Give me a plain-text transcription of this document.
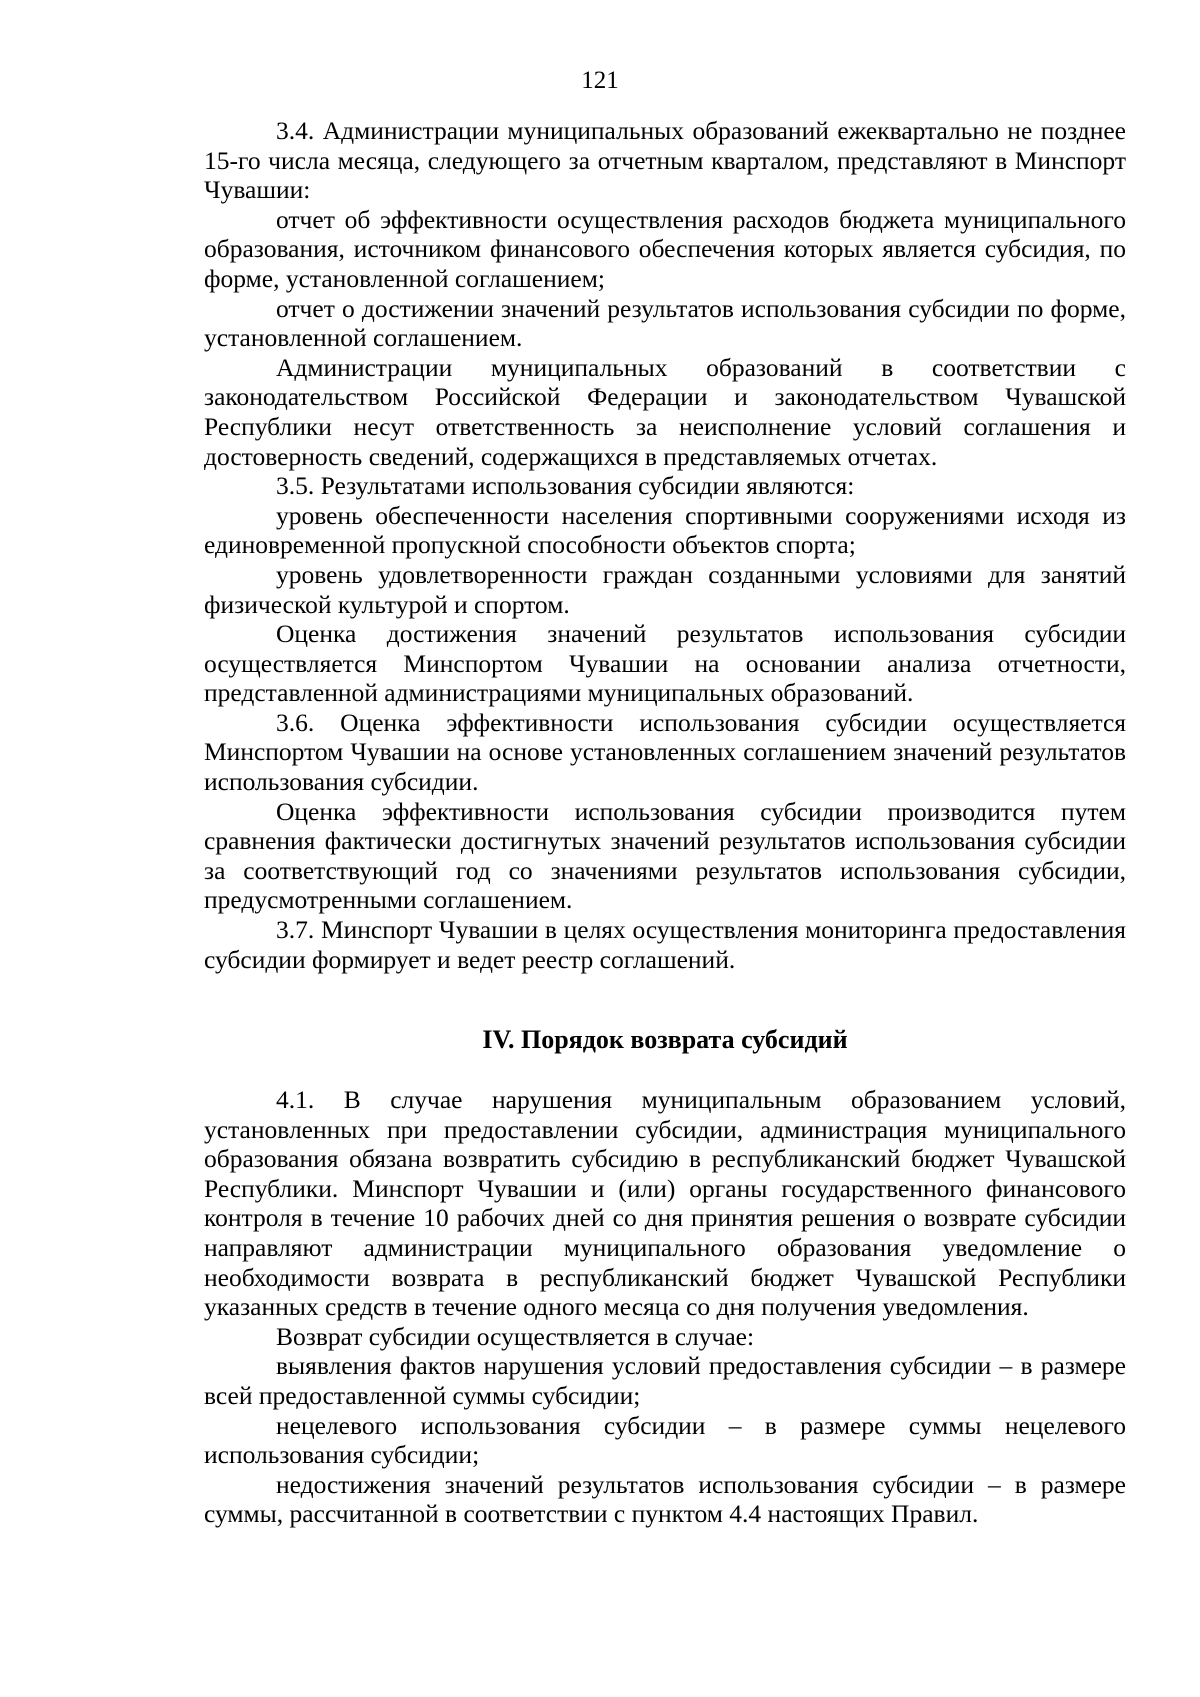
121

3.4. Администрации муниципальных образований ежеквартально не позднее 15-го числа месяца, следующего за отчетным кварталом, представляют в Минспорт Чувашии:

отчет об эффективности осуществления расходов бюджета муниципального образования, источником финансового обеспечения которых является субсидия, по форме, установленной соглашением;

отчет о достижении значений результатов использования субсидии по форме, установленной соглашением.

Администрации муниципальных образований в соответствии с законодательством Российской Федерации и законодательством Чувашской Республики несут ответственность за неисполнение условий соглашения и достоверность сведений, содержащихся в представляемых отчетах.

3.5. Результатами использования субсидии являются:

уровень обеспеченности населения спортивными сооружениями исходя из единовременной пропускной способности объектов спорта;

уровень удовлетворенности граждан созданными условиями для занятий физической культурой и спортом.

Оценка достижения значений результатов использования субсидии осуществляется Минспортом Чувашии на основании анализа отчетности, представленной администрациями муниципальных образований.

3.6. Оценка эффективности использования субсидии осуществляется Минспортом Чувашии на основе установленных соглашением значений результатов использования субсидии.

Оценка эффективности использования субсидии производится путем сравнения фактически достигнутых значений результатов использования субсидии за соответствующий год со значениями результатов использования субсидии, предусмотренными соглашением.

3.7. Минспорт Чувашии в целях осуществления мониторинга предоставления субсидии формирует и ведет реестр соглашений.

IV. Порядок возврата субсидий

4.1. В случае нарушения муниципальным образованием условий, установленных при предоставлении субсидии, администрация муниципального образования обязана возвратить субсидию в республиканский бюджет Чувашской Республики. Минспорт Чувашии и (или) органы государственного финансового контроля в течение 10 рабочих дней со дня принятия решения о возврате субсидии направляют администрации муниципального образования уведомление о необходимости возврата в республиканский бюджет Чувашской Республики указанных средств в течение одного месяца со дня получения уведомления.

Возврат субсидии осуществляется в случае:

выявления фактов нарушения условий предоставления субсидии – в размере всей предоставленной суммы субсидии;

нецелевого использования субсидии – в размере суммы нецелевого использования субсидии;

недостижения значений результатов использования субсидии – в размере суммы, рассчитанной в соответствии с пунктом 4.4 настоящих Правил.
